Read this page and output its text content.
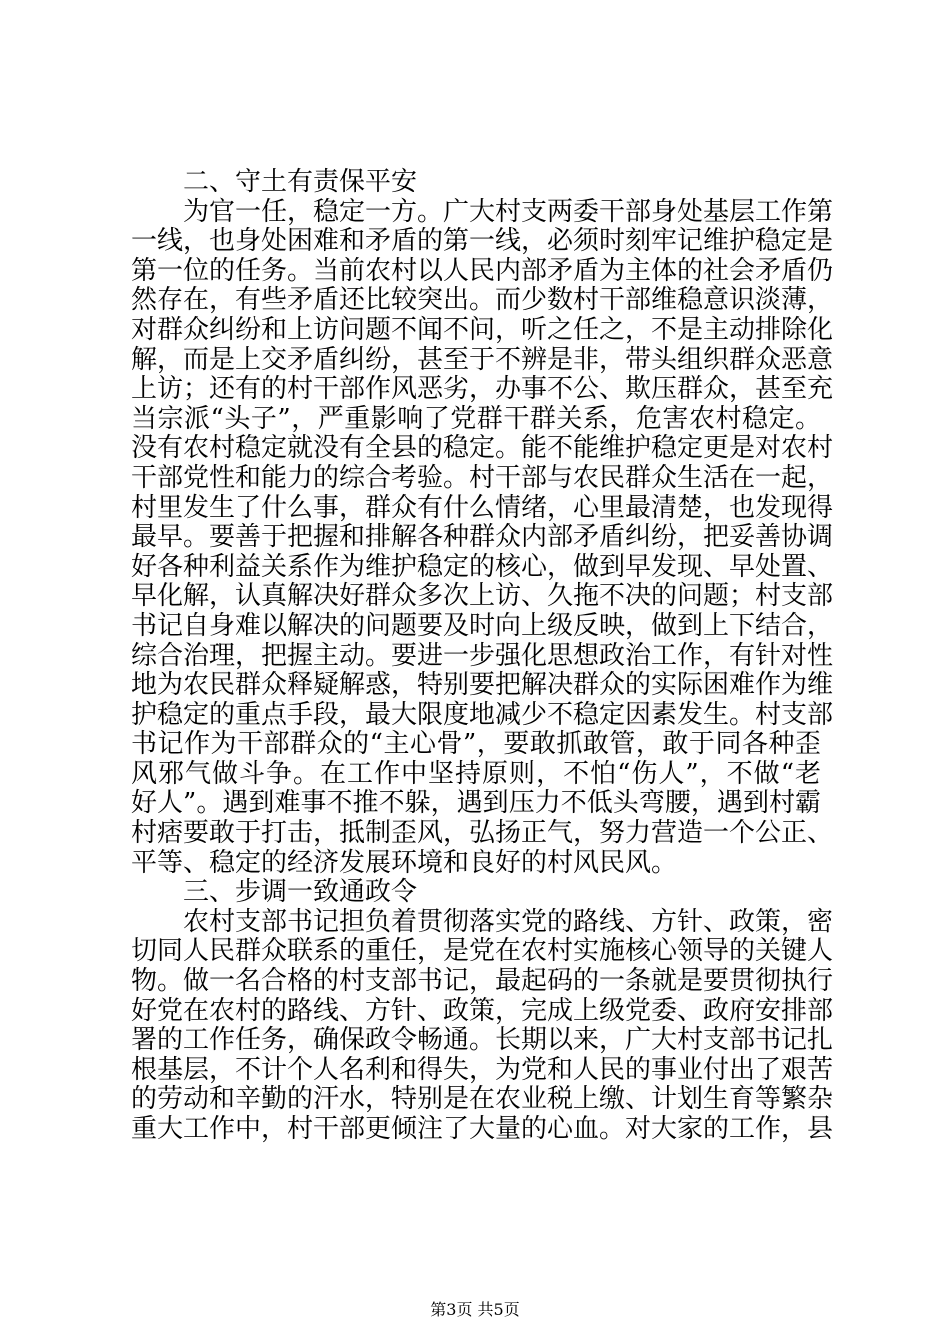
二、守土有责保平安
为官一任，稳定一方。广大村支两委干部身处基层工作第
一线，也身处困难和矛盾的第一线，必须时刻牢记维护稳定是
第一位的任务。当前农村以人民内部矛盾为主体的社会矛盾仍
然存在，有些矛盾还比较突出。而少数村干部维稳意识淡薄，
对群众纠纷和上访问题不闻不问，听之任之，不是主动排除化
解，而是上交矛盾纠纷，甚至于不辨是非，带头组织群众恶意
上访；还有的村干部作风恶劣，办事不公、欺压群众，甚至充
当宗派“头子”，严重影响了党群干群关系，危害农村稳定。
没有农村稳定就没有全县的稳定。能不能维护稳定更是对农村
干部党性和能力的综合考验。村干部与农民群众生活在一起，
村里发生了什么事，群众有什么情绪，心里最清楚，也发现得
最早。要善于把握和排解各种群众内部矛盾纠纷，把妥善协调
好各种利益关系作为维护稳定的核心，做到早发现、早处置、
早化解，认真解决好群众多次上访、久拖不决的问题；村支部
书记自身难以解决的问题要及时向上级反映，做到上下结合，
综合治理，把握主动。要进一步强化思想政治工作，有针对性
地为农民群众释疑解惑，特别要把解决群众的实际困难作为维
护稳定的重点手段，最大限度地减少不稳定因素发生。村支部
书记作为干部群众的“主心骨”，要敢抓敢管，敢于同各种歪
风邪气做斗争。在工作中坚持原则，不怕“伤人”，不做“老
好人”。遇到难事不推不躲，遇到压力不低头弯腰，遇到村霸
村痞要敢于打击，抵制歪风，弘扬正气，努力营造一个公正、
平等、稳定的经济发展环境和良好的村风民风。
三、步调一致通政令
农村支部书记担负着贯彻落实党的路线、方针、政策，密
切同人民群众联系的重任，是党在农村实施核心领导的关键人
物。做一名合格的村支部书记，最起码的一条就是要贯彻执行
好党在农村的路线、方针、政策，完成上级党委、政府安排部
署的工作任务，确保政令畅通。长期以来，广大村支部书记扎
根基层，不计个人名利和得失，为党和人民的事业付出了艰苦
的劳动和辛勤的汗水，特别是在农业税上缴、计划生育等繁杂
重大工作中，村干部更倾注了大量的心血。对大家的工作，县
第3页 共5页
